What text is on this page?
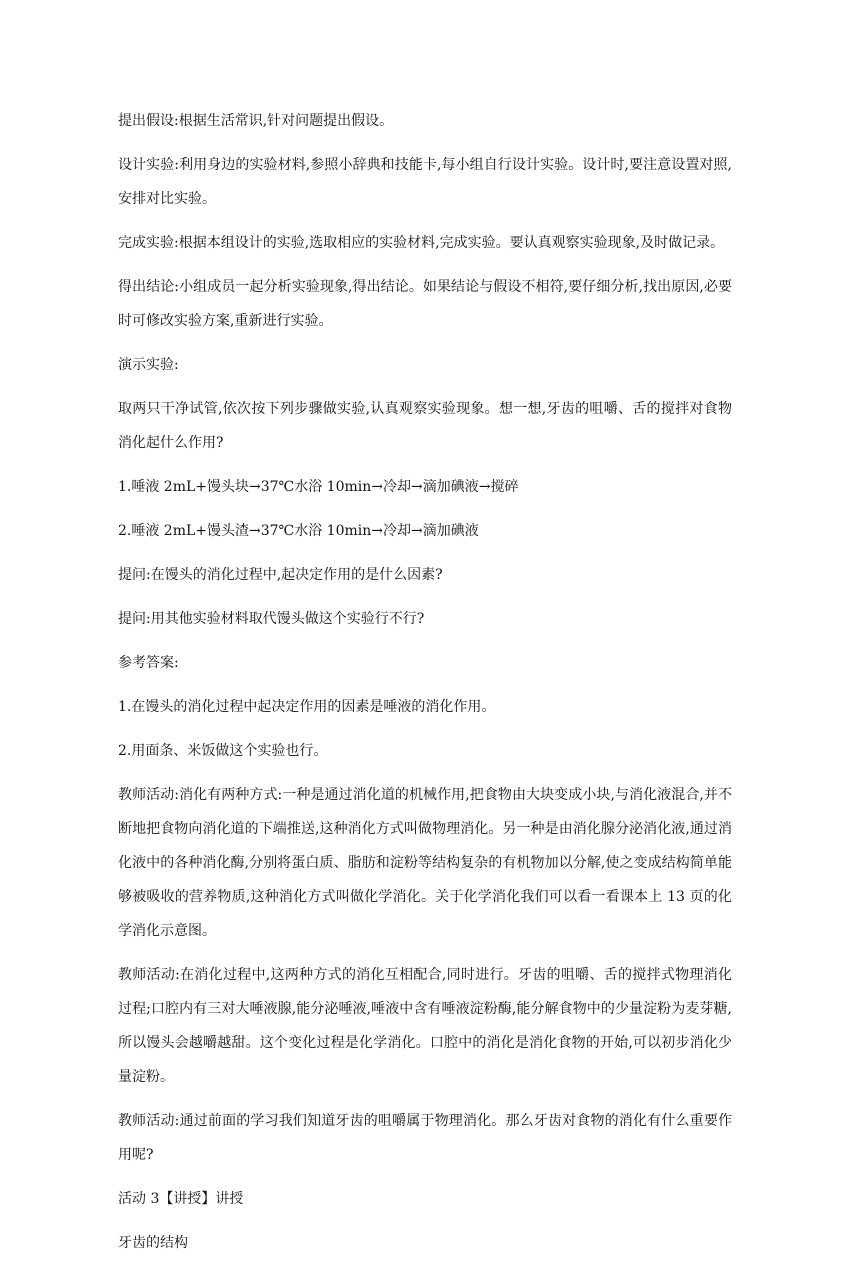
提出假设:根据生活常识,针对问题提出假设。

设计实验:利用身边的实验材料,参照小辞典和技能卡,每小组自行设计实验。设计时,要注意设置对照,安排对比实验。

完成实验:根据本组设计的实验,选取相应的实验材料,完成实验。要认真观察实验现象,及时做记录。

得出结论:小组成员一起分析实验现象,得出结论。如果结论与假设不相符,要仔细分析,找出原因,必要时可修改实验方案,重新进行实验。

演示实验:

取两只干净试管,依次按下列步骤做实验,认真观察实验现象。想一想,牙齿的咀嚼、舌的搅拌对食物消化起什么作用?

1.唾液 2mL+馒头块→37℃水浴 10min→冷却→滴加碘液→搅碎

2.唾液 2mL+馒头渣→37℃水浴 10min→冷却→滴加碘液

提问:在馒头的消化过程中,起决定作用的是什么因素?

提问:用其他实验材料取代馒头做这个实验行不行?

参考答案:

1.在馒头的消化过程中起决定作用的因素是唾液的消化作用。

2.用面条、米饭做这个实验也行。

教师活动:消化有两种方式:一种是通过消化道的机械作用,把食物由大块变成小块,与消化液混合,并不断地把食物向消化道的下端推送,这种消化方式叫做物理消化。另一种是由消化腺分泌消化液,通过消化液中的各种消化酶,分别将蛋白质、脂肪和淀粉等结构复杂的有机物加以分解,使之变成结构简单能够被吸收的营养物质,这种消化方式叫做化学消化。关于化学消化我们可以看一看课本上 13 页的化学消化示意图。

教师活动:在消化过程中,这两种方式的消化互相配合,同时进行。牙齿的咀嚼、舌的搅拌式物理消化过程;口腔内有三对大唾液腺,能分泌唾液,唾液中含有唾液淀粉酶,能分解食物中的少量淀粉为麦芽糖,所以馒头会越嚼越甜。这个变化过程是化学消化。口腔中的消化是消化食物的开始,可以初步消化少量淀粉。

教师活动:通过前面的学习我们知道牙齿的咀嚼属于物理消化。那么牙齿对食物的消化有什么重要作用呢?

活动 3【讲授】讲授

牙齿的结构
